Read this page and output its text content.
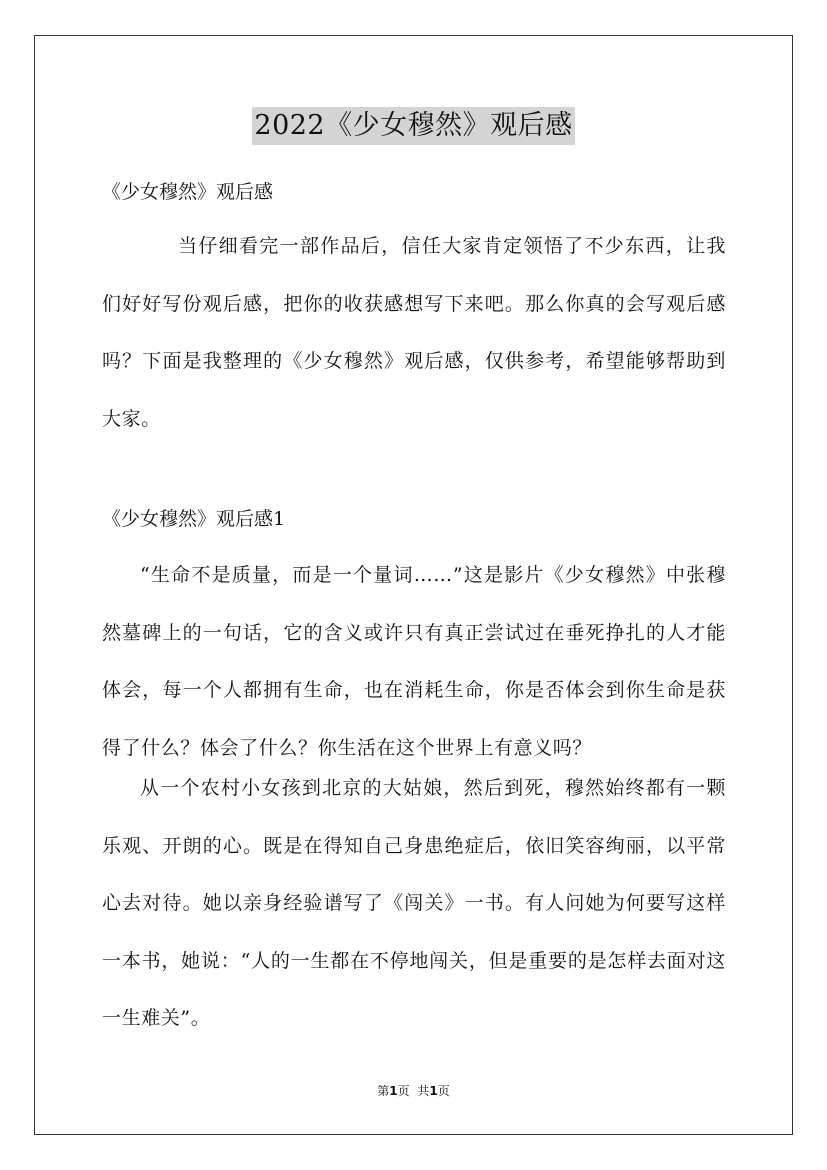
2022《少女穆然》观后感

《少女穆然》观后感

当仔细看完一部作品后，信任大家肯定领悟了不少东西，让我们好好写份观后感，把你的收获感想写下来吧。那么你真的会写观后感吗？下面是我整理的《少女穆然》观后感，仅供参考，希望能够帮助到大家。

《少女穆然》观后感1

“生命不是质量，而是一个量词……”这是影片《少女穆然》中张穆然墓碑上的一句话，它的含义或许只有真正尝试过在垂死挣扎的人才能体会，每一个人都拥有生命，也在消耗生命，你是否体会到你生命是获得了什么？体会了什么？你生活在这个世界上有意义吗？

从一个农村小女孩到北京的大姑娘，然后到死，穆然始终都有一颗乐观、开朗的心。既是在得知自己身患绝症后，依旧笑容绚丽，以平常心去对待。她以亲身经验谱写了《闯关》一书。有人问她为何要写这样一本书，她说：“人的一生都在不停地闯关，但是重要的是怎样去面对这一生难关”。

第1页 共1页
